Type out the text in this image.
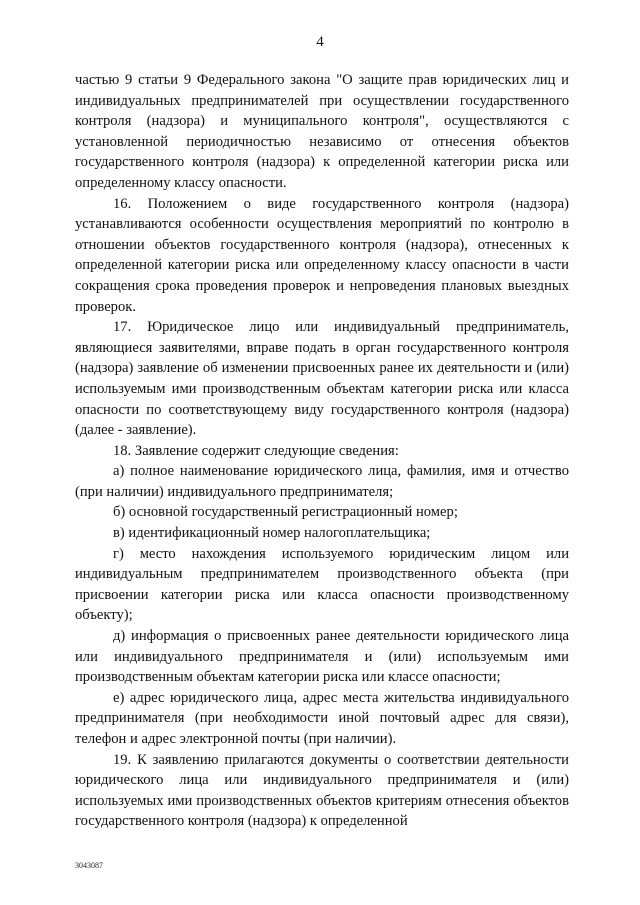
4

частью 9 статьи 9 Федерального закона "О защите прав юридических лиц и индивидуальных предпринимателей при осуществлении государственного контроля (надзора) и муниципального контроля", осуществляются с установленной периодичностью независимо от отнесения объектов государственного контроля (надзора) к определенной категории риска или определенному классу опасности.

16. Положением о виде государственного контроля (надзора) устанавливаются особенности осуществления мероприятий по контролю в отношении объектов государственного контроля (надзора), отнесенных к определенной категории риска или определенному классу опасности в части сокращения срока проведения проверок и непроведения плановых выездных проверок.

17. Юридическое лицо или индивидуальный предприниматель, являющиеся заявителями, вправе подать в орган государственного контроля (надзора) заявление об изменении присвоенных ранее их деятельности и (или) используемым ими производственным объектам категории риска или класса опасности по соответствующему виду государственного контроля (надзора) (далее - заявление).

18. Заявление содержит следующие сведения:

а) полное наименование юридического лица, фамилия, имя и отчество (при наличии) индивидуального предпринимателя;

б) основной государственный регистрационный номер;

в) идентификационный номер налогоплательщика;

г) место нахождения используемого юридическим лицом или индивидуальным предпринимателем производственного объекта (при присвоении категории риска или класса опасности производственному объекту);

д) информация о присвоенных ранее деятельности юридического лица или индивидуального предпринимателя и (или) используемым ими производственным объектам категории риска или классе опасности;

е) адрес юридического лица, адрес места жительства индивидуального предпринимателя (при необходимости иной почтовый адрес для связи), телефон и адрес электронной почты (при наличии).

19. К заявлению прилагаются документы о соответствии деятельности юридического лица или индивидуального предпринимателя и (или) используемых ими производственных объектов критериям отнесения объектов государственного контроля (надзора) к определенной

3043087
